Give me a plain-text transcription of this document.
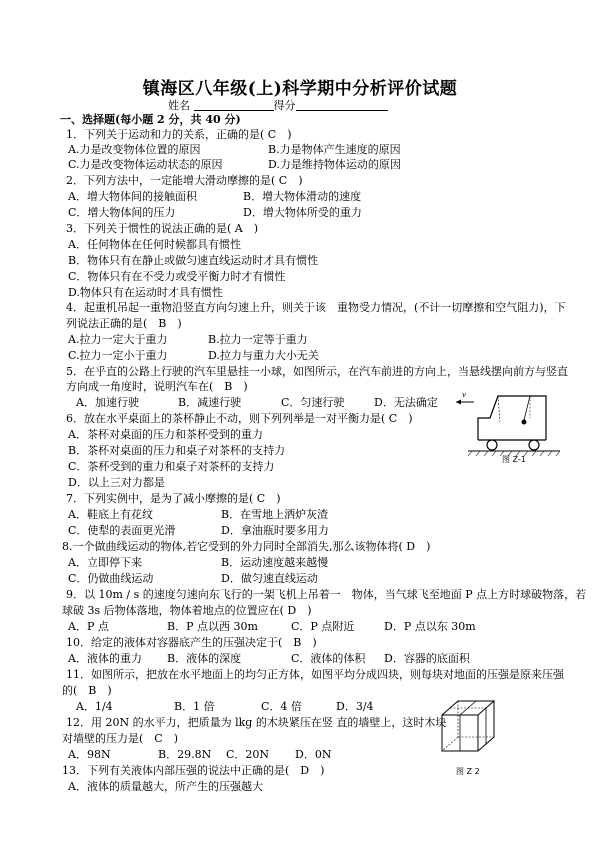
镇海区八年级(上)科学期中分析评价试题
姓名	得分
一、选择题(每小题 2 分，共 40 分)
1．下列关于运动和力的关系，正确的是( C　)
A.力是改变物体位置的原因	B.力是物体产生速度的原因
C.力是改变物体运动状态的原因	D.力是维持物体运动的原因
2．下列方法中，一定能增大滑动摩擦的是( C　)
A．增大物体间的接触面积	B．增大物体滑动的速度
C．增大物体间的压力	D．增大物体所受的重力
3．下列关于惯性的说法正确的是( A　)
A．任何物体在任何时候都具有惯性
B．物体只有在静止或做匀速直线运动时才具有惯性
C．物体只有在不受力或受平衡力时才有惯性
D.物体只有在运动时才具有惯性
4．起重机吊起一重物沿竖直方向匀速上升，则关于该　重物受力情况，(不计一切摩擦和空气阻力)，下
列说法正确的是(　B　)
A.拉力一定大于重力	B.拉力一定等于重力
C.拉力一定小于重力	D.拉力与重力大小无关
5．在乎直的公路上行驶的汽车里悬挂一小球，如图所示，在汽车前进的方向上，当悬线摆向前方与竖直
方向成一角度时，说明汽车在(　B　)
A．加速行驶	B．减速行驶	C．匀速行驶	D．无法确定
v
图 Z-1
6．放在水平桌面上的茶杯静止不动，则下列列举是一对平衡力是( C　)
A．茶杯对桌面的压力和茶杯受到的重力
B．茶杯对桌面的压力和桌子对茶杯的支持力
C．茶杯受到的重力和桌子对茶杯的支持力
D．以上三对力都是
7．下列实例中，是为了减小摩擦的是( C　)
A．鞋底上有花纹	B．在雪地上洒炉灰渣
C．使犁的表面更光滑	D．拿油瓶时要多用力
8.一个做曲线运动的物体,若它受到的外力同时全部消失,那么该物体将( D　)
A．立即停下来	B．运动速度越来越慢
C．仍做曲线运动	D．做匀速直线运动
9．以 10m / s 的速度匀速向东飞行的一架飞机上吊着一　物体，当气球飞至地面 P 点上方时球破物落，若
球破 3s 后物体落地，物体着地点的位置应在( D　)
A．P 点	B．P 点以西 30m	C．P 点附近	D．P 点以东 30m
10．给定的液体对容器底产生的压强决定于(　B　)
A．液体的重力 B．液体的深度	C．液体的体积 D．容器的底面积
11．如图所示，把放在水平地面上的均匀正方体，如图平均分成四块，则每块对地面的压强是原来压强
的(　B　)
A．1/4	B．1 倍	C．4 倍	D．3/4
图 Z 2
12．用 20N 的水平力，把质量为 lkg 的木块紧压在竖 直的墙壁上，这时木块
对墙壁的压力是(　C　)
A．98N	B．29.8N C．20N D．0N
13．下列有关液体内部压强的说法中正确的是(　D　)
A．液体的质量越大，所产生的压强越大
